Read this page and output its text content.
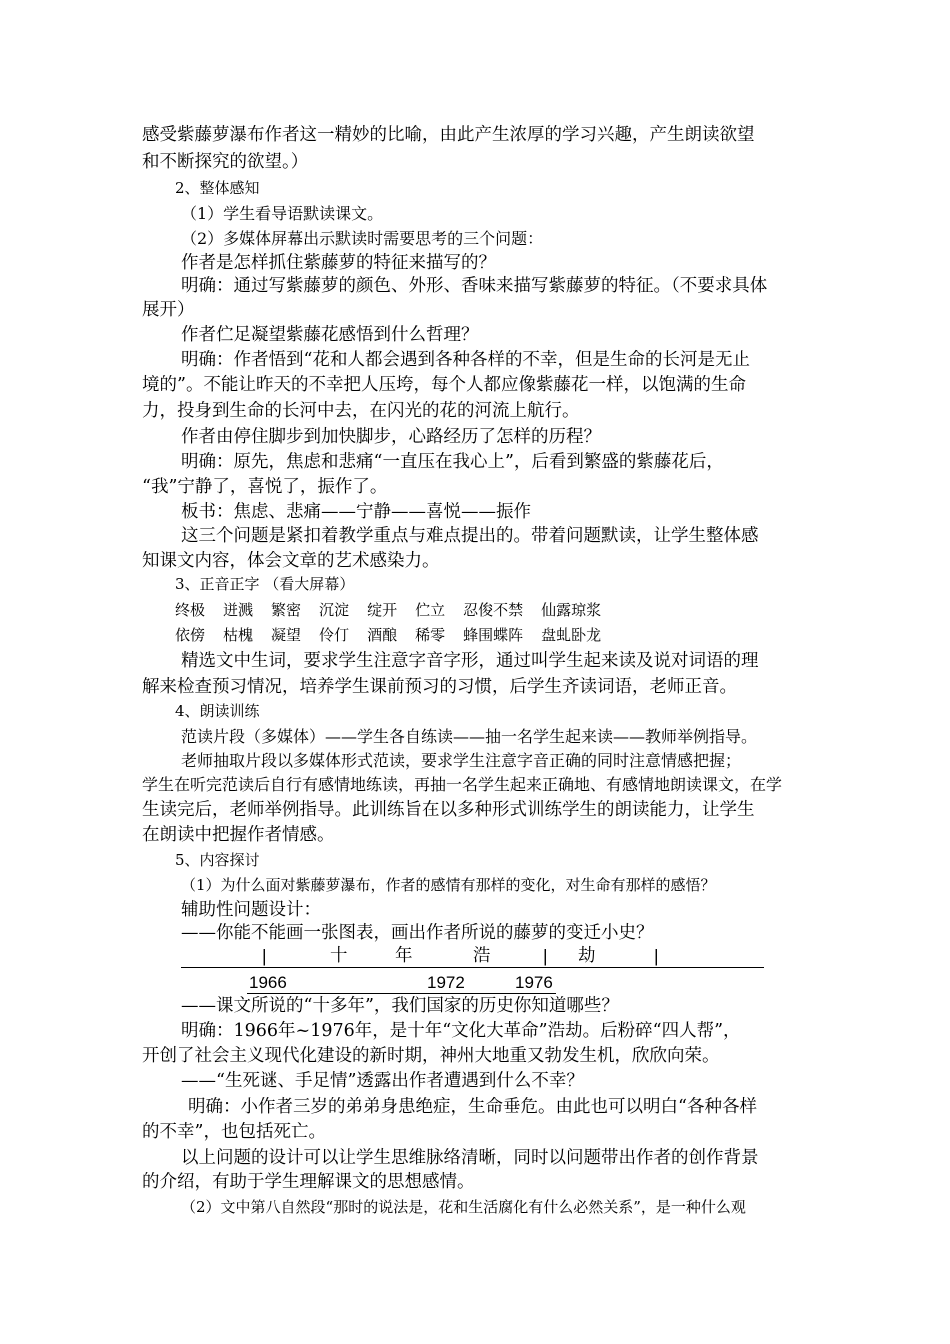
感受紫藤萝瀑布作者这一精妙的比喻，由此产生浓厚的学习兴趣，产生朗读欲望
和不断探究的欲望。）
2、整体感知
（1）学生看导语默读课文。
（2）多媒体屏幕出示默读时需要思考的三个问题：
作者是怎样抓住紫藤萝的特征来描写的？
明确：通过写紫藤萝的颜色、外形、香味来描写紫藤萝的特征。（不要求具体
展开）
作者伫足凝望紫藤花感悟到什么哲理？
明确：作者悟到“花和人都会遇到各种各样的不幸，但是生命的长河是无止
境的”。不能让昨天的不幸把人压垮，每个人都应像紫藤花一样，以饱满的生命
力，投身到生命的长河中去，在闪光的花的河流上航行。
作者由停住脚步到加快脚步，心路经历了怎样的历程？
明确：原先，焦虑和悲痛“一直压在我心上”，后看到繁盛的紫藤花后，
“我”宁静了，喜悦了，振作了。
板书：焦虑、悲痛——宁静——喜悦——振作
这三个问题是紧扣着教学重点与难点提出的。带着问题默读，让学生整体感
知课文内容，体会文章的艺术感染力。
3、正音正字 （看大屏幕）
终极 迸溅 繁密 沉淀 绽开 伫立 忍俊不禁 仙露琼浆
依傍 枯槐 凝望 伶仃 酒酿 稀零 蜂围蝶阵 盘虬卧龙
精选文中生词，要求学生注意字音字形，通过叫学生起来读及说对词语的理
解来检查预习情况，培养学生课前预习的习惯，后学生齐读词语，老师正音。
4、朗读训练
范读片段（多媒体）——学生各自练读——抽一名学生起来读——教师举例指导。
老师抽取片段以多媒体形式范读，要求学生注意字音正确的同时注意情感把握；
学生在听完范读后自行有感情地练读，再抽一名学生起来正确地、有感情地朗读课文，在学
生读完后，老师举例指导。此训练旨在以多种形式训练学生的朗读能力，让学生
在朗读中把握作者情感。
5、内容探讨
（1）为什么面对紫藤萝瀑布，作者的感情有那样的变化，对生命有那样的感悟？
辅助性问题设计：
——你能不能画一张图表，画出作者所说的藤萝的变迁小史？
|	十	年	浩	| 劫	|
1966	1972	1976
——课文所说的“十多年”，我们国家的历史你知道哪些？
明确：1966年~1976年，是十年“文化大革命”浩劫。后粉碎“四人帮”，
开创了社会主义现代化建设的新时期，神州大地重又勃发生机，欣欣向荣。
——“生死谜、手足情”透露出作者遭遇到什么不幸？
明确：小作者三岁的弟弟身患绝症，生命垂危。由此也可以明白“各种各样
的不幸”，也包括死亡。
以上问题的设计可以让学生思维脉络清晰，同时以问题带出作者的创作背景
的介绍，有助于学生理解课文的思想感情。
（2）文中第八自然段“那时的说法是，花和生活腐化有什么必然关系”，是一种什么观
